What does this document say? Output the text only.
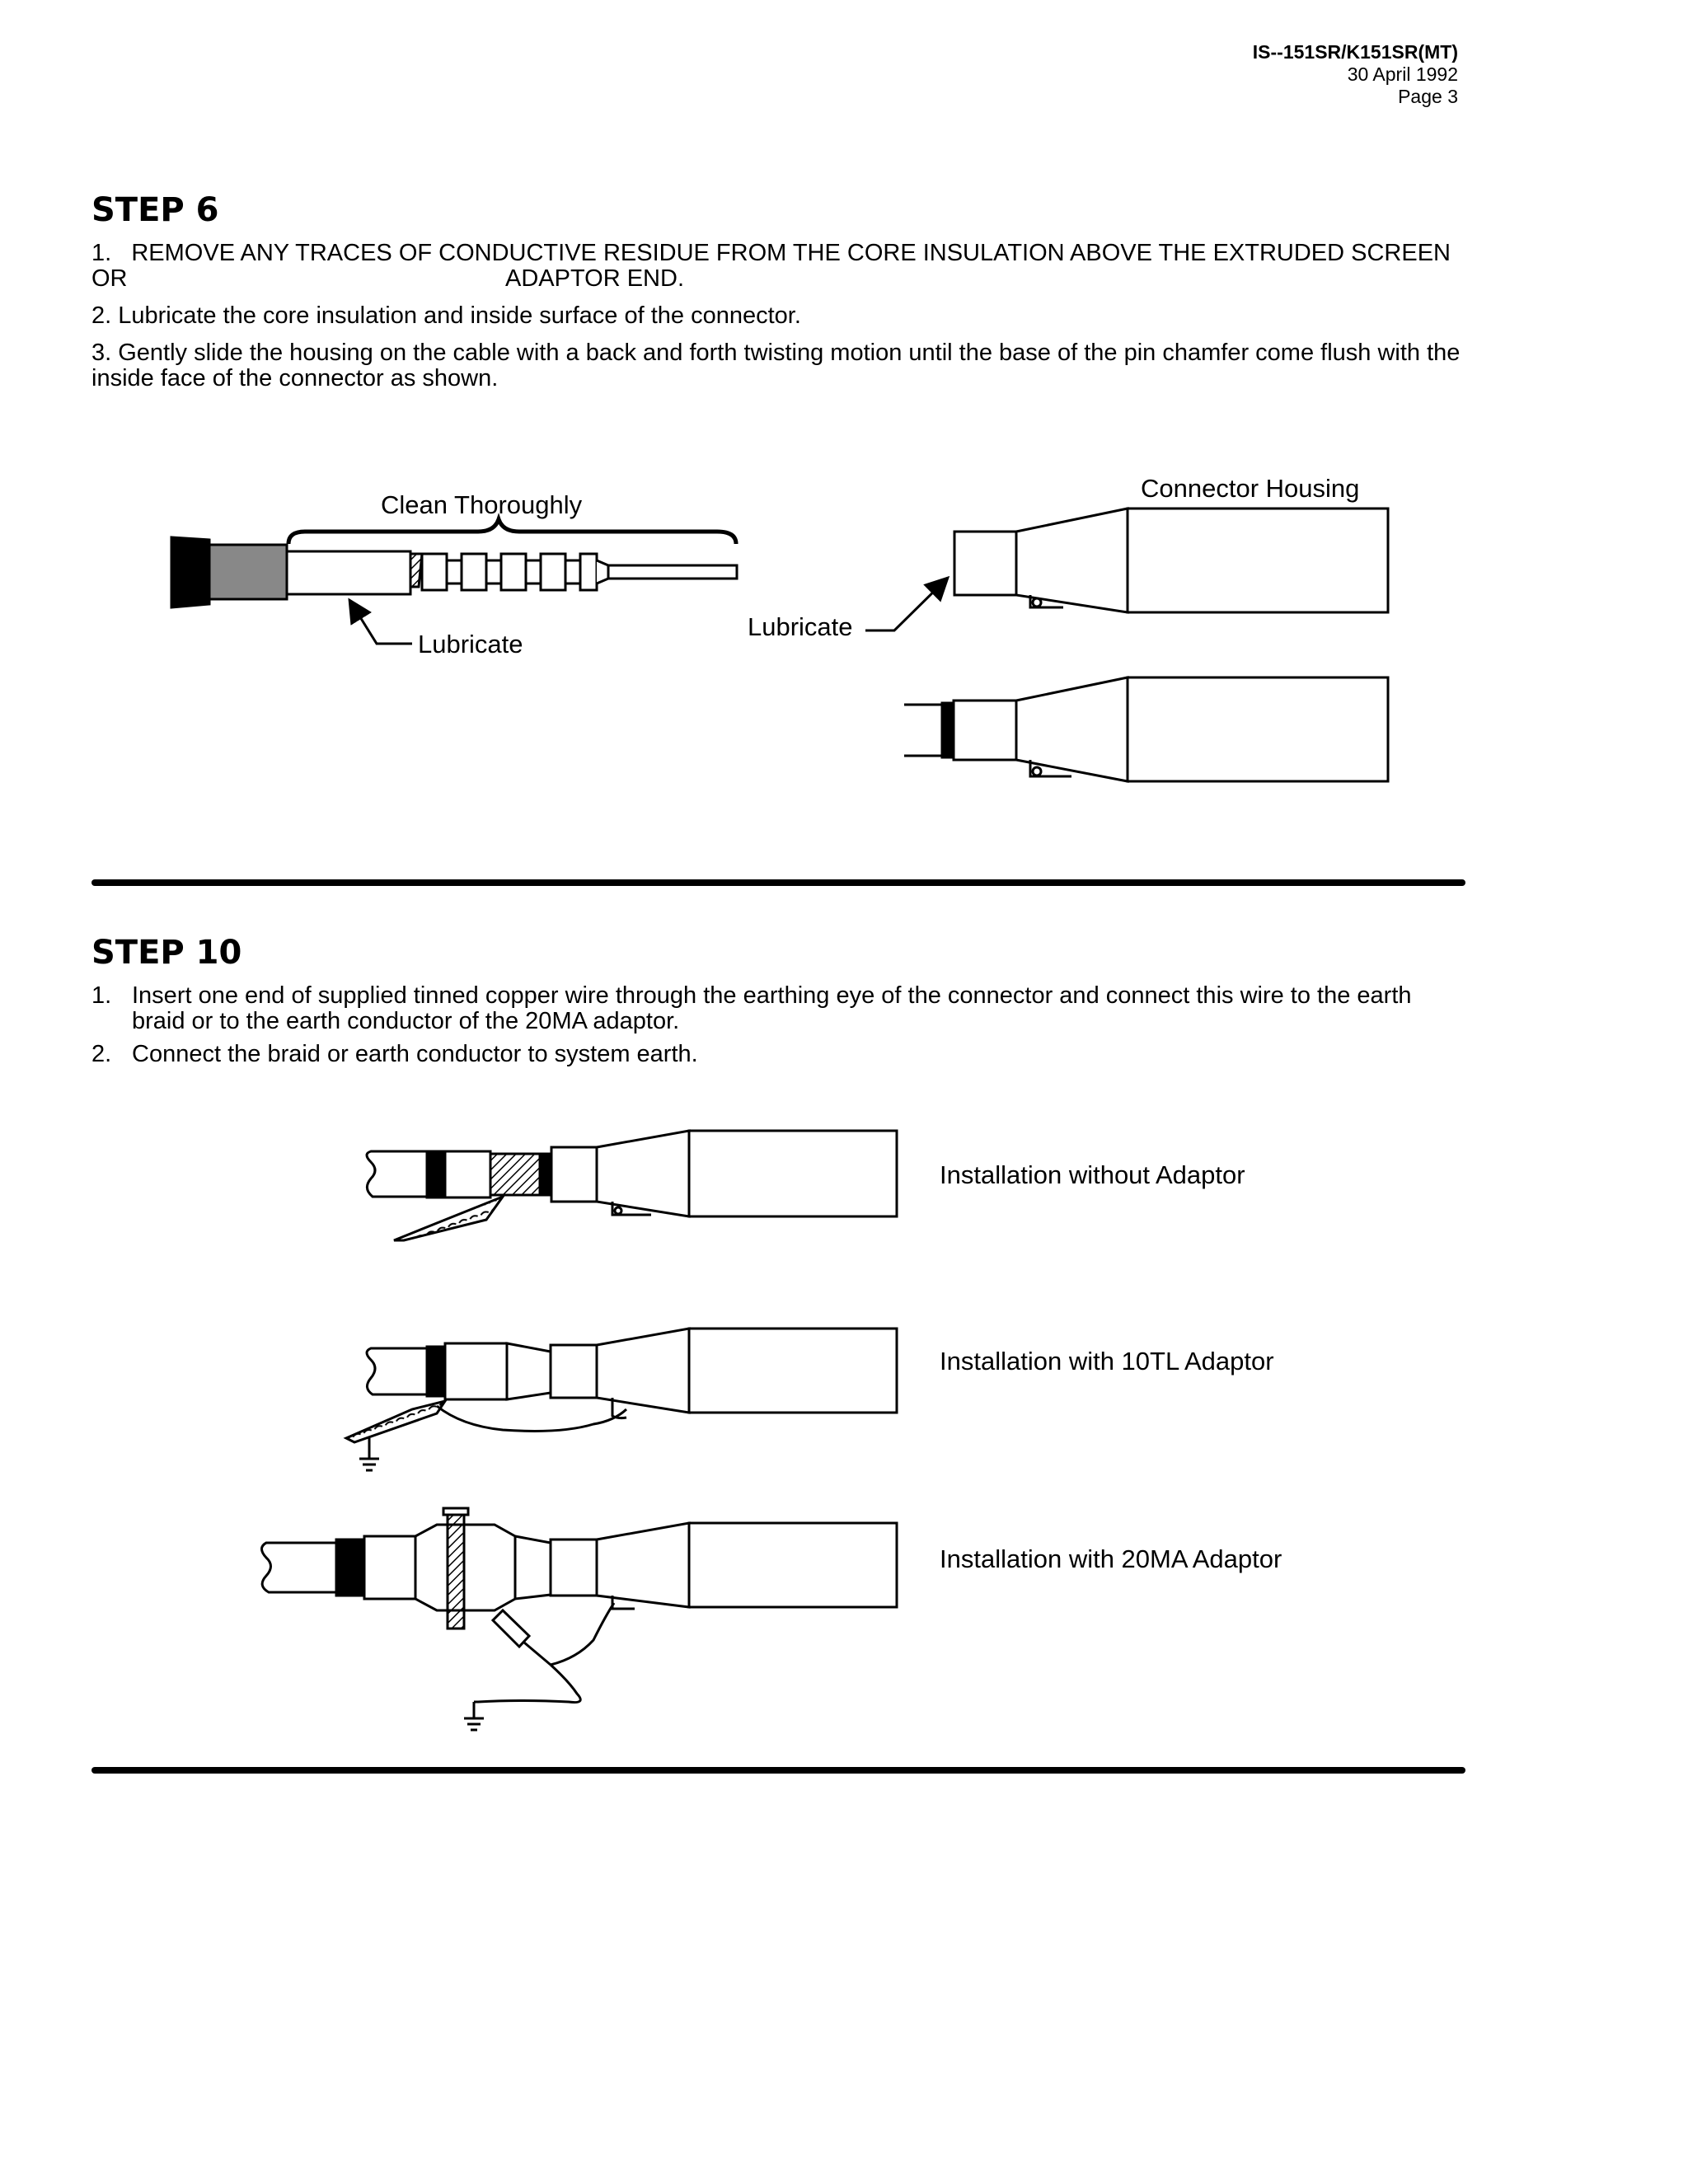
IS--151SR/K151SR(MT)
30 April 1992
Page 3
STEP 6
1. REMOVE ANY TRACES OF CONDUCTIVE RESIDUE FROM THE CORE INSULATION ABOVE THE EXTRUDED SCREEN
OR	ADAPTOR END.
2. Lubricate the core insulation and inside surface of the connector.
3. Gently slide the housing on the cable with a back and forth twisting motion until the base of the pin chamfer come flush with the inside face of the connector as shown.
Clean Thoroughly
Lubricate
Lubricate
Connector Housing
STEP 10
1. Insert one end of supplied tinned copper wire through the earthing eye of the connector and connect this wire to the earth braid or to the earth conductor of the 20MA adaptor.
2. Connect the braid or earth conductor to system earth.
Installation without Adaptor
Installation with 10TL Adaptor
Installation with 20MA Adaptor
